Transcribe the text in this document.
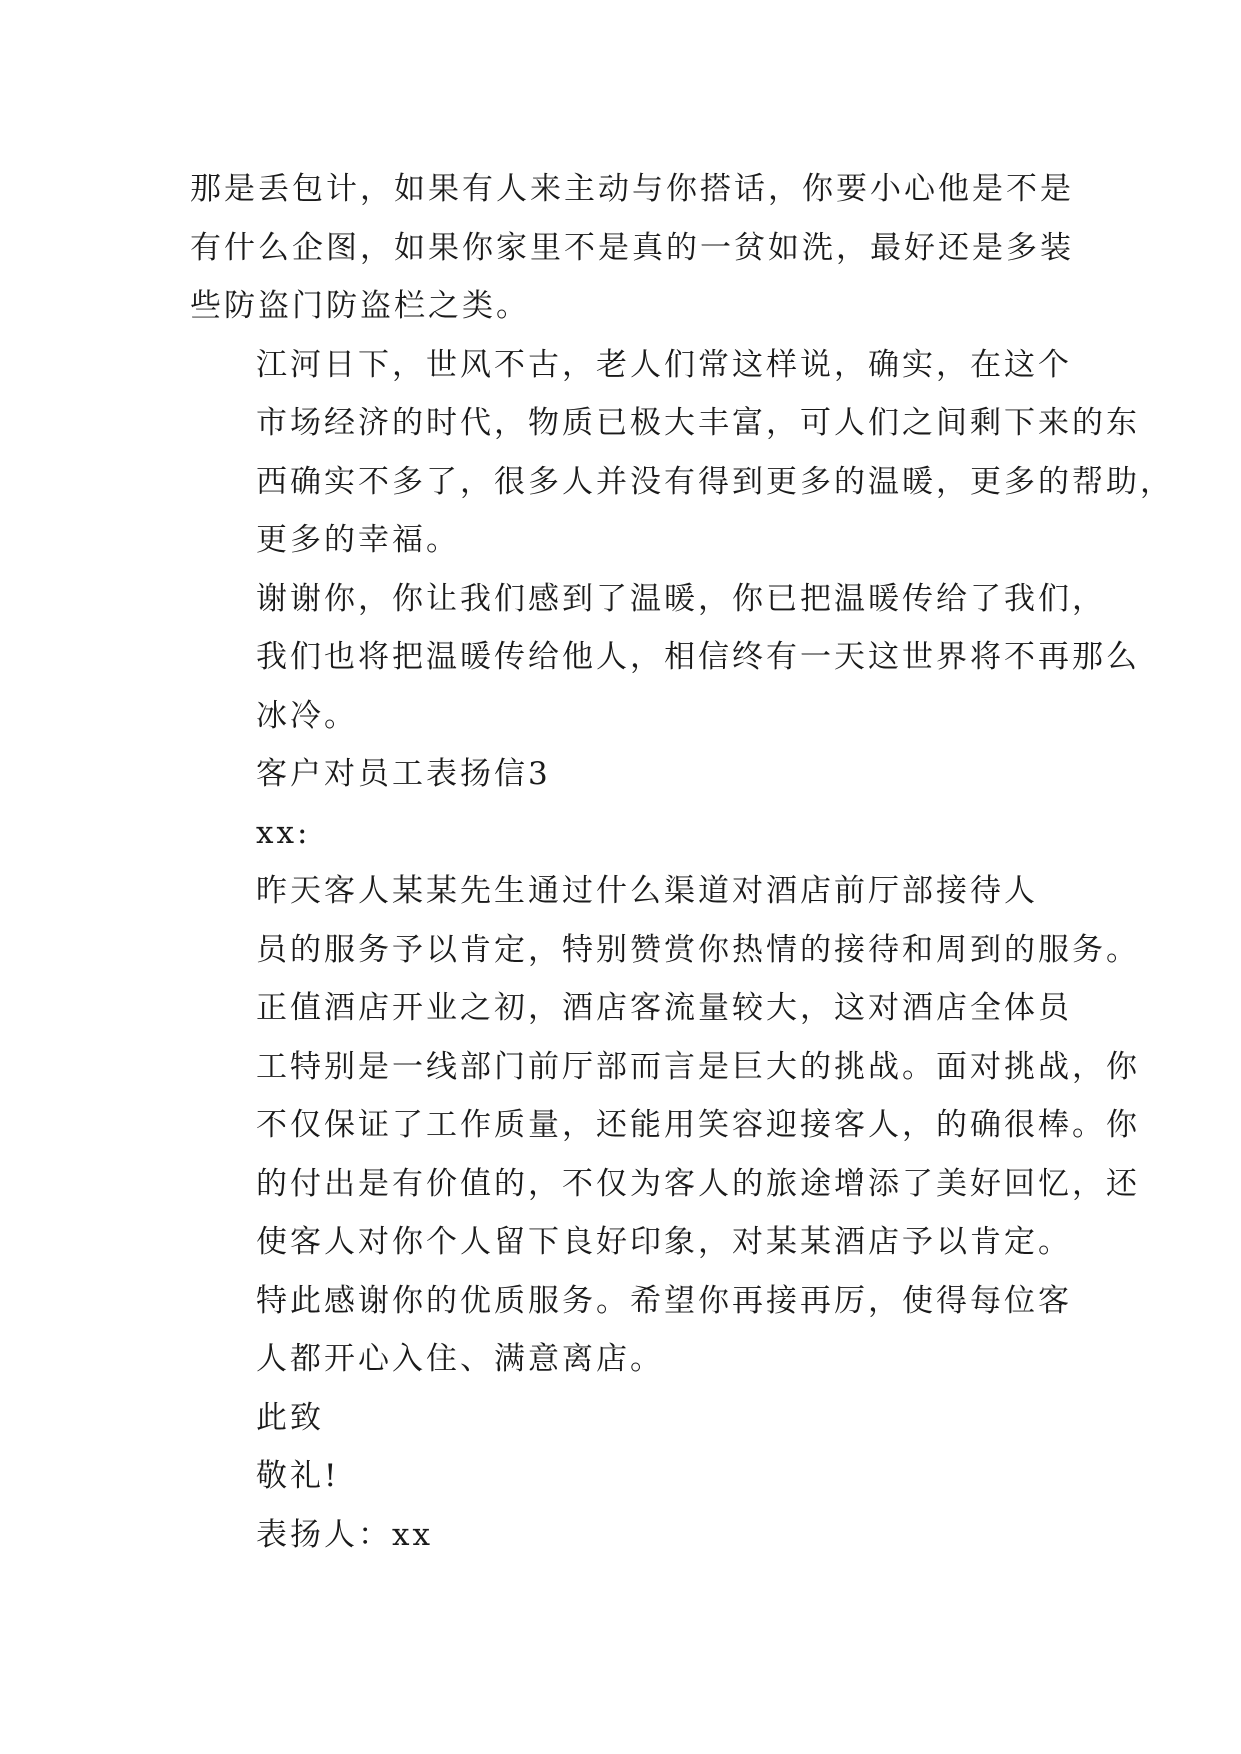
那是丢包计，如果有人来主动与你搭话，你要小心他是不是
有什么企图，如果你家里不是真的一贫如洗，最好还是多装
些防盗门防盗栏之类。

江河日下，世风不古，老人们常这样说，确实，在这个
市场经济的时代，物质已极大丰富，可人们之间剩下来的东
西确实不多了，很多人并没有得到更多的温暖，更多的帮助，
更多的幸福。

谢谢你，你让我们感到了温暖，你已把温暖传给了我们，
我们也将把温暖传给他人，相信终有一天这世界将不再那么
冰冷。

客户对员工表扬信3

xx:

昨天客人某某先生通过什么渠道对酒店前厅部接待人
员的服务予以肯定，特别赞赏你热情的接待和周到的服务。

正值酒店开业之初，酒店客流量较大，这对酒店全体员
工特别是一线部门前厅部而言是巨大的挑战。面对挑战，你
不仅保证了工作质量，还能用笑容迎接客人，的确很棒。你
的付出是有价值的，不仅为客人的旅途增添了美好回忆，还
使客人对你个人留下良好印象，对某某酒店予以肯定。

特此感谢你的优质服务。希望你再接再厉，使得每位客
人都开心入住、满意离店。

此致

敬礼!

表扬人：xx
